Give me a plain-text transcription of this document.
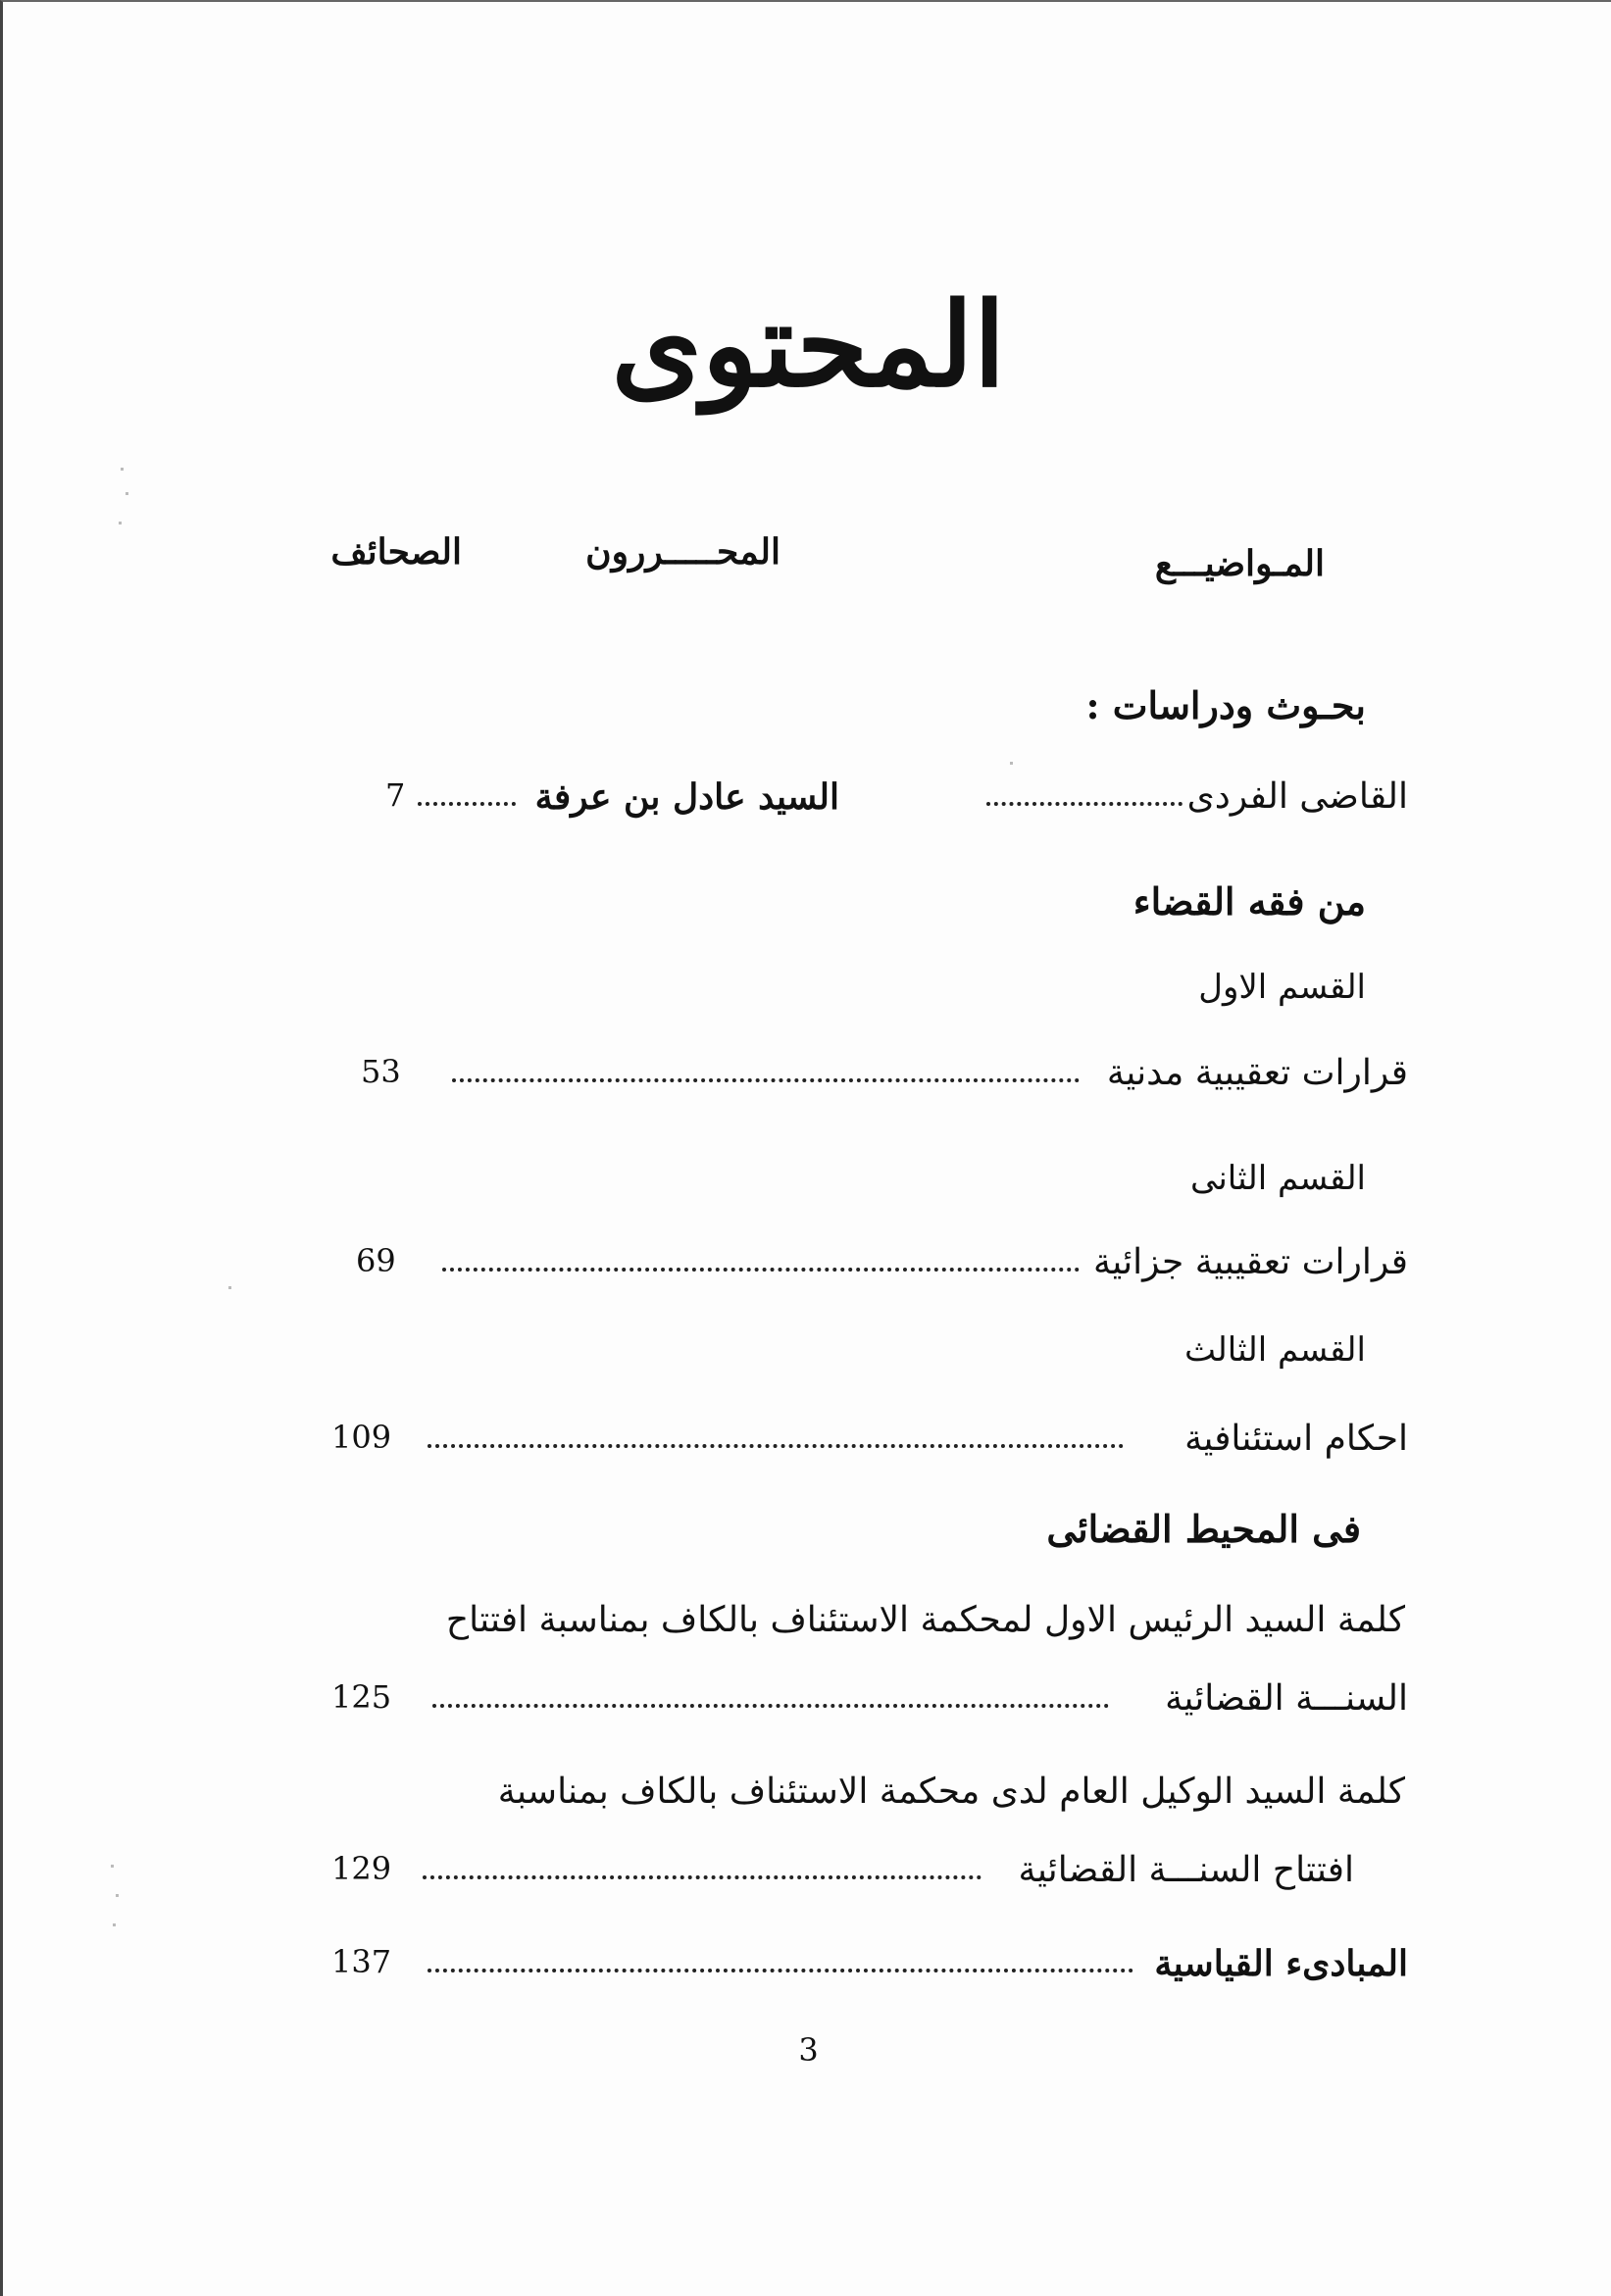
المحتوى
المـواضيـــع
المحـــــررون
الصحائف
بحـوث ودراسات :
القاضى الفردى
السيد عادل بن عرفة
7
من فقه القضاء
القسم الاول
قرارات تعقيبية مدنية
53
القسم الثانى
قرارات تعقيبية جزائية
69
القسم الثالث
احكام استئنافية
109
فى المحيط القضائى
كلمة السيد الرئيس الاول لمحكمة الاستئناف بالكاف بمناسبة افتتاح
السنـــة القضائية
125
كلمة السيد الوكيل العام لدى محكمة الاستئناف بالكاف بمناسبة
افتتاح السنـــة القضائية
129
المبادىء القياسية
137
3
